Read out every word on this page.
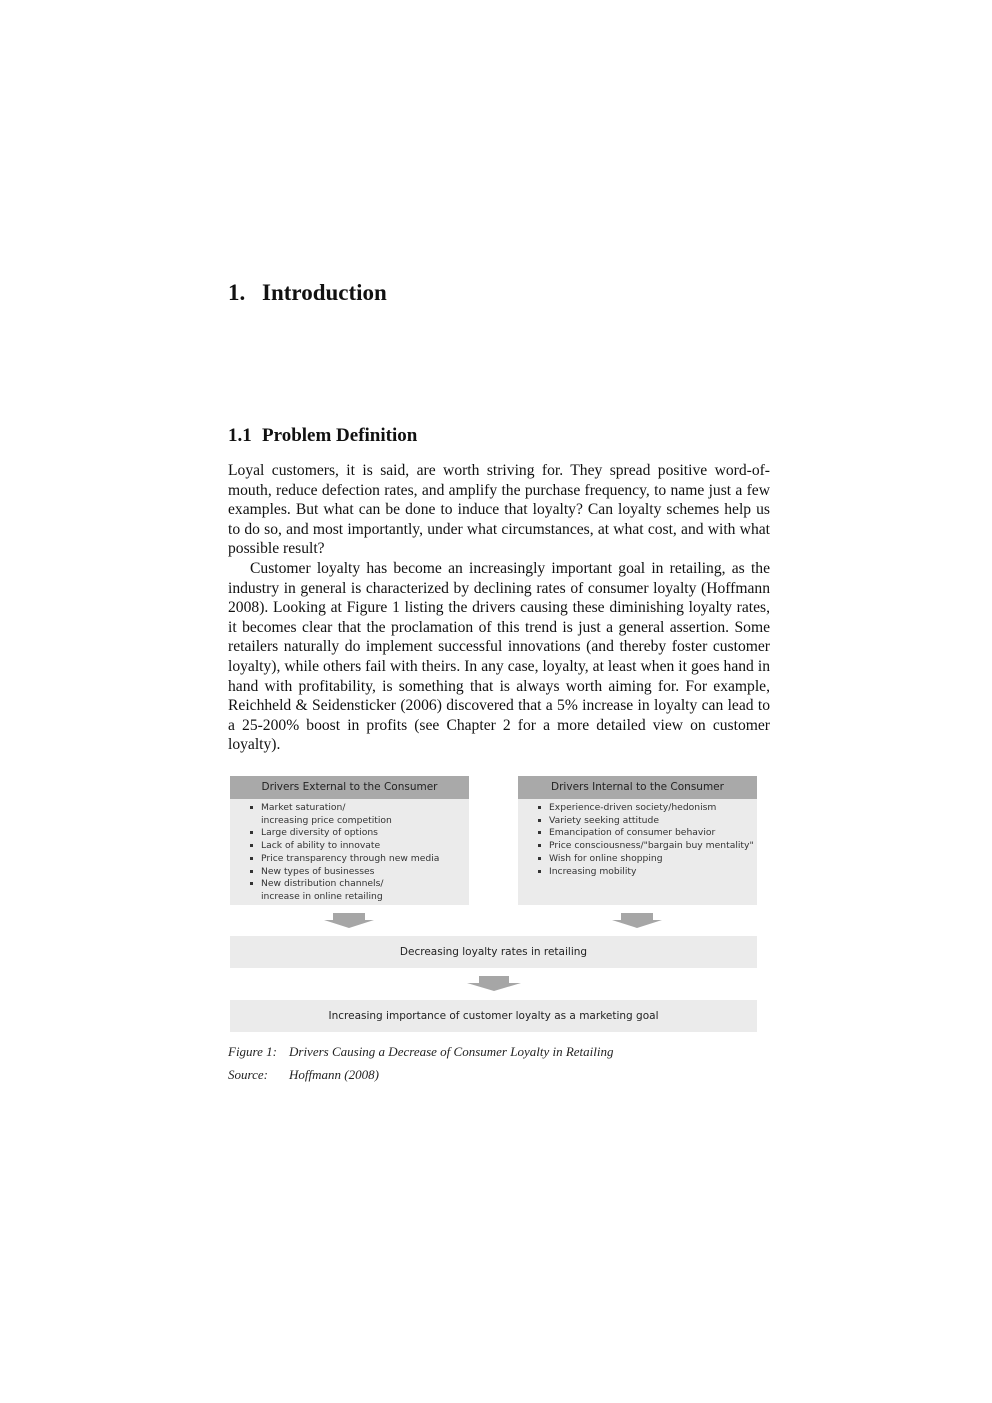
1. Introduction
1.1 Problem Definition

Loyal customers, it is said, are worth striving for. They spread positive word-of-mouth, reduce defection rates, and amplify the purchase frequency, to name just a few examples. But what can be done to induce that loyalty? Can loyalty schemes help us to do so, and most importantly, under what circumstances, at what cost, and with what possible result?

Customer loyalty has become an increasingly important goal in retailing, as the industry in general is characterized by declining rates of consumer loyalty (Hoffmann 2008). Looking at Figure 1 listing the drivers causing these diminishing loyalty rates, it becomes clear that the proclamation of this trend is just a general assertion. Some retailers naturally do implement successful innovations (and thereby foster customer loyalty), while others fail with theirs. In any case, loyalty, at least when it goes hand in hand with profitability, is something that is always worth aiming for. For example, Reichheld & Seidensticker (2006) discovered that a 5% increase in loyalty can lead to a 25-200% boost in profits (see Chapter 2 for a more detailed view on customer loyalty).

Drivers External to the Consumer
Market saturation/
increasing price competition
Large diversity of options
Lack of ability to innovate
Price transparency through new media
New types of businesses
New distribution channels/
increase in online retailing
Drivers Internal to the Consumer
Experience-driven society/hedonism
Variety seeking attitude
Emancipation of consumer behavior
Price consciousness/"bargain buy mentality"
Wish for online shopping
Increasing mobility
Decreasing loyalty rates in retailing
Increasing importance of customer loyalty as a marketing goal
Figure 1: Drivers Causing a Decrease of Consumer Loyalty in Retailing
Source: Hoffmann (2008)
